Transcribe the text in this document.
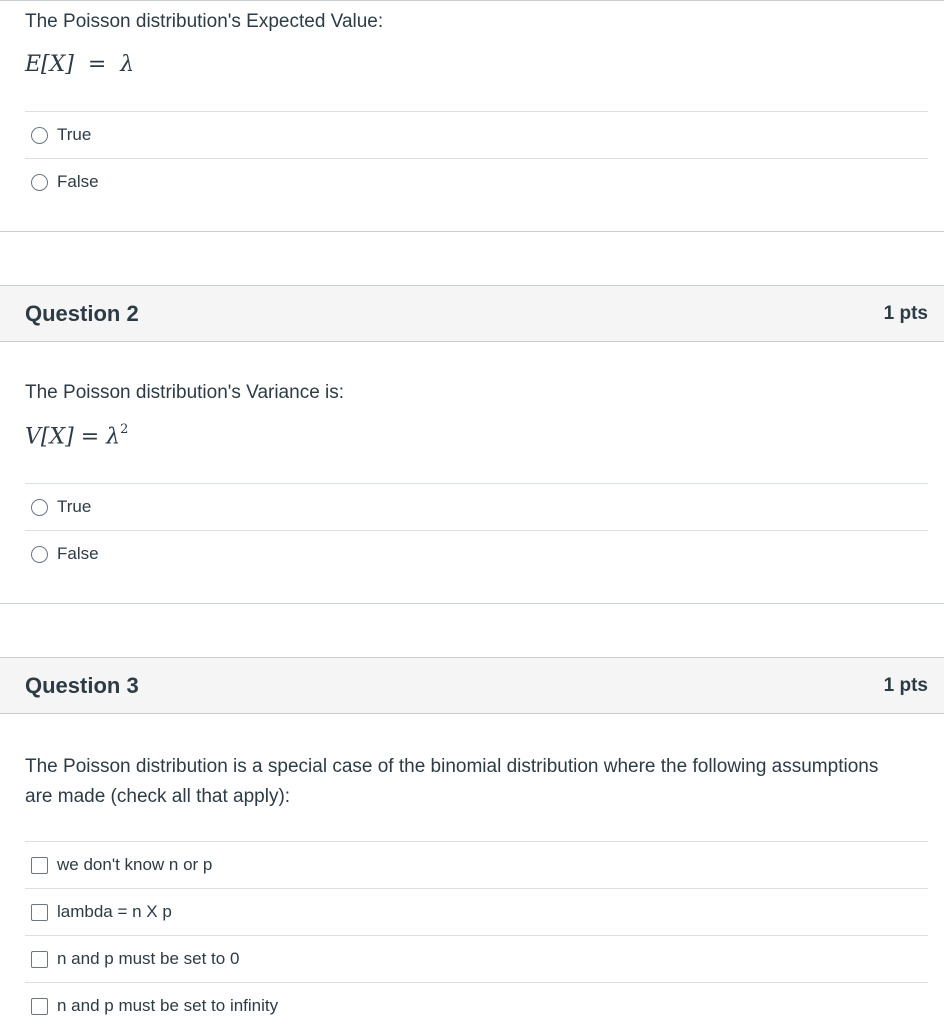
The Poisson distribution's Expected Value:
E[X]  =  λ
True
False
Question 2	1 pts
The Poisson distribution's Variance is:
$V[X] = \lambda^2$
True
False
Question 3	1 pts
The Poisson distribution is a special case of the binomial distribution where the following assumptions
are made (check all that apply):
we don't know n or p
lambda = n X p
n and p must be set to 0
n and p must be set to infinity
